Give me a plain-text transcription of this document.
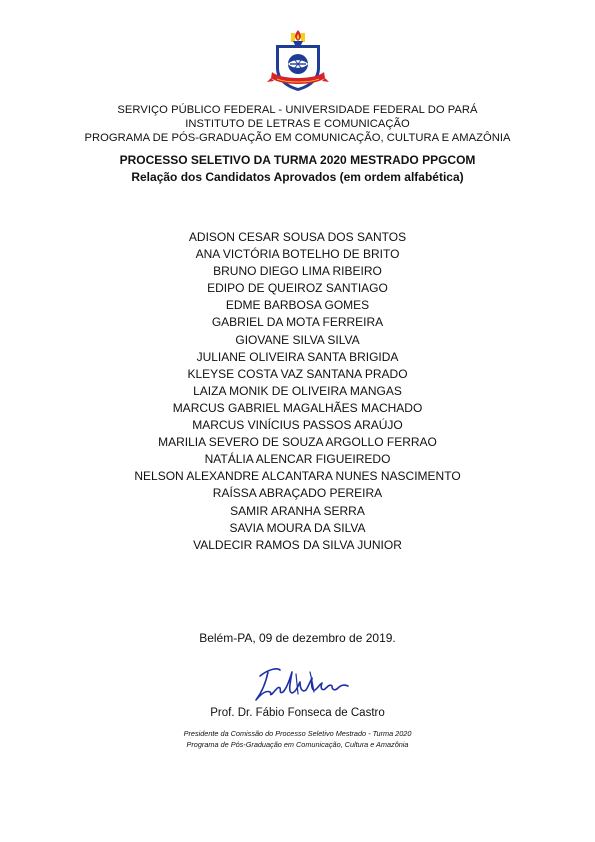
SERVIÇO PÚBLICO FEDERAL - UNIVERSIDADE FEDERAL DO PARÁ
INSTITUTO DE LETRAS E COMUNICAÇÃO
PROGRAMA DE PÓS-GRADUAÇÃO EM COMUNICAÇÃO, CULTURA E AMAZÔNIA
PROCESSO SELETIVO DA TURMA 2020 MESTRADO PPGCOM
Relação dos Candidatos Aprovados (em ordem alfabética)
ADISON CESAR SOUSA DOS SANTOS
ANA VICTÓRIA BOTELHO DE BRITO
BRUNO DIEGO LIMA RIBEIRO
EDIPO DE QUEIROZ SANTIAGO
EDME BARBOSA GOMES
GABRIEL DA MOTA FERREIRA
GIOVANE SILVA SILVA
JULIANE OLIVEIRA SANTA BRIGIDA
KLEYSE COSTA VAZ SANTANA PRADO
LAIZA MONIK DE OLIVEIRA MANGAS
MARCUS GABRIEL MAGALHÃES MACHADO
MARCUS VINÍCIUS PASSOS ARAÚJO
MARILIA SEVERO DE SOUZA ARGOLLO FERRAO
NATÁLIA ALENCAR FIGUEIREDO
NELSON ALEXANDRE ALCANTARA NUNES NASCIMENTO
RAÍSSA ABRAÇADO PEREIRA
SAMIR ARANHA SERRA
SAVIA MOURA DA SILVA
VALDECIR RAMOS DA SILVA JUNIOR
Belém-PA, 09 de dezembro de 2019.
Prof. Dr. Fábio Fonseca de Castro
Presidente da Comissão do Processo Seletivo Mestrado - Turma 2020
Programa de Pós-Graduação em Comunicação, Cultura e Amazônia
